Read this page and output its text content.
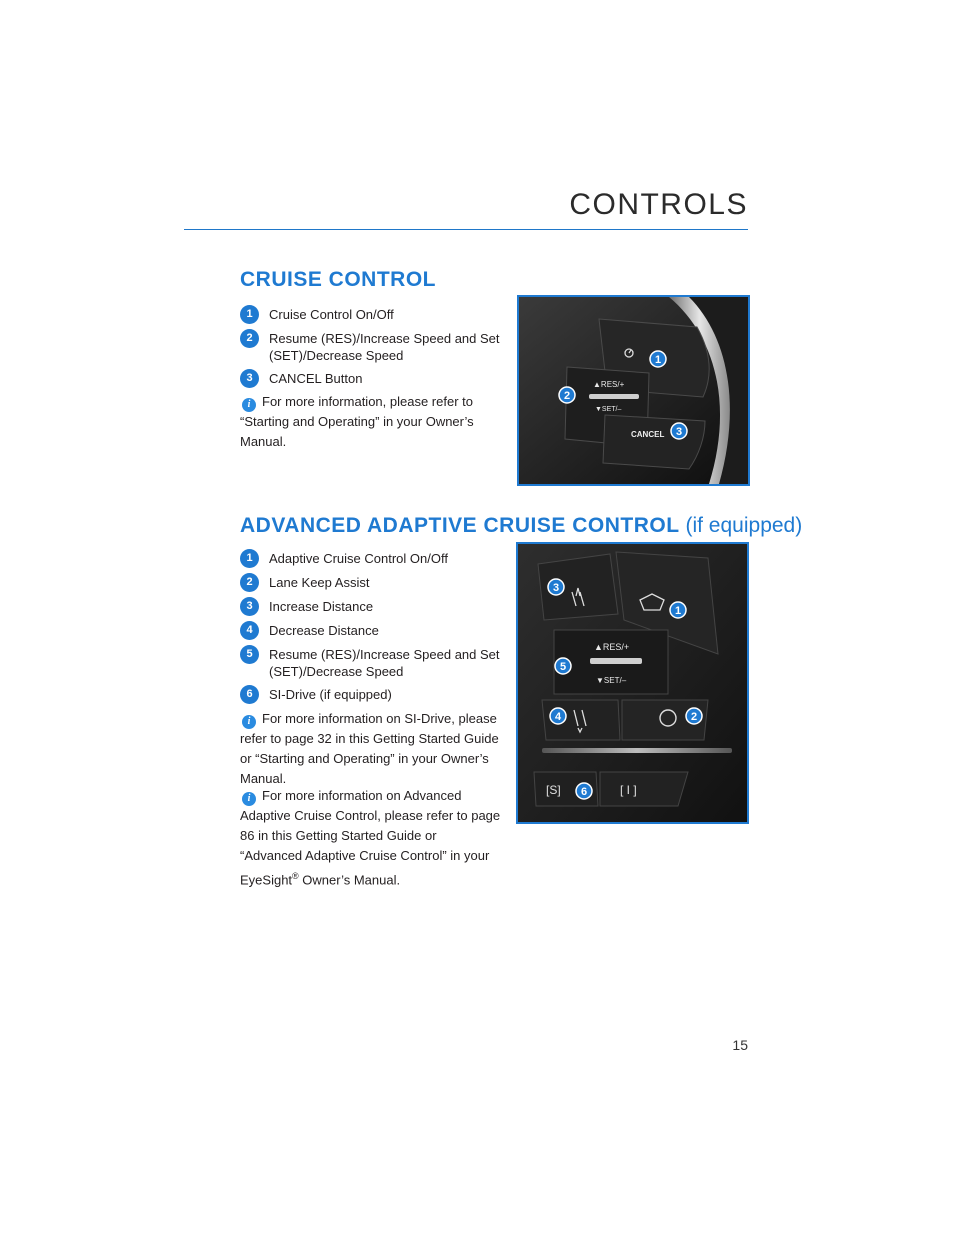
CONTROLS
CRUISE CONTROL
1	Cruise Control On/Off
2	Resume (RES)/Increase Speed and Set (SET)/Decrease Speed
3	CANCEL Button
i For more information, please refer to “Starting and Operating” in your Owner’s Manual.
▲RES/+
▼SET/–
CANCEL
1
2
3
ADVANCED ADAPTIVE CRUISE CONTROL (if equipped)
1	Adaptive Cruise Control On/Off
2	Lane Keep Assist
3	Increase Distance
4	Decrease Distance
5	Resume (RES)/Increase Speed and Set (SET)/Decrease Speed
6	SI-Drive (if equipped)
i For more information on SI-Drive, please refer to page 32 in this Getting Started Guide or “Starting and Operating” in your Owner’s Manual.
i For more information on Advanced Adaptive Cruise Control, please refer to page 86 in this Getting Started Guide or “Advanced Adaptive Cruise Control” in your EyeSight® Owner’s Manual.
▲RES/+
▼SET/–
[S]	[ I ]
3
1
5
4	2
6
15
